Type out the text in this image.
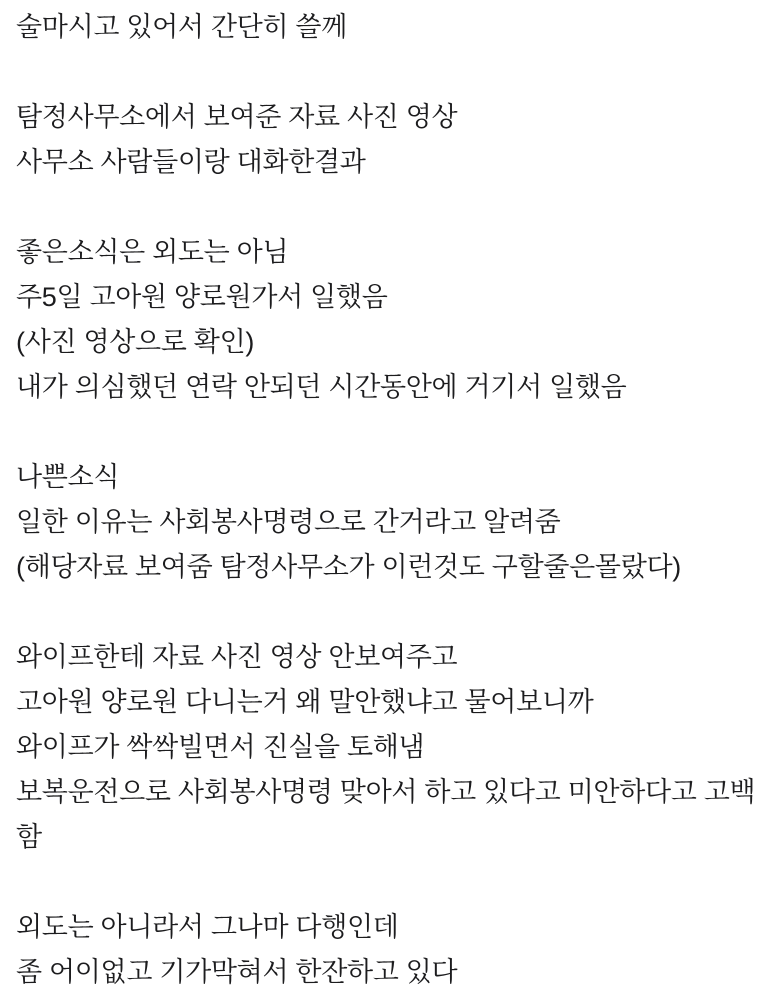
술마시고 있어서 간단히 쓸께
탐정사무소에서 보여준 자료 사진 영상
사무소 사람들이랑 대화한결과
좋은소식은 외도는 아님
주5일 고아원 양로원가서 일했음
(사진 영상으로 확인)
내가 의심했던 연락 안되던 시간동안에 거기서 일했음
나쁜소식
일한 이유는 사회봉사명령으로 간거라고 알려줌
(해당자료 보여줌 탐정사무소가 이런것도 구할줄은몰랐다)
와이프한테 자료 사진 영상 안보여주고
고아원 양로원 다니는거 왜 말안했냐고 물어보니까
와이프가 싹싹빌면서 진실을 토해냄
보복운전으로 사회봉사명령 맞아서 하고 있다고 미안하다고 고백
함
외도는 아니라서 그나마 다행인데
좀 어이없고 기가막혀서 한잔하고 있다
